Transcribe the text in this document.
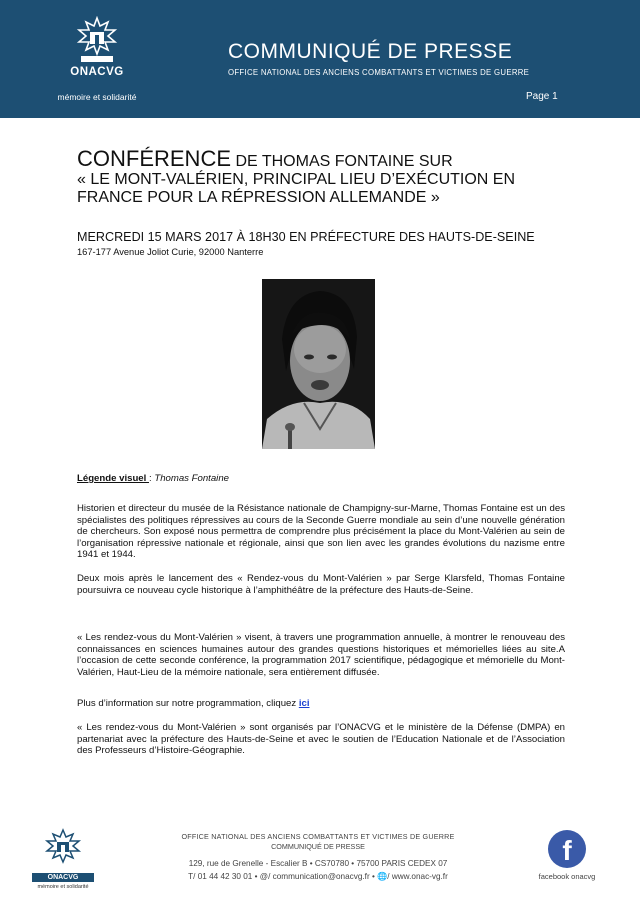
ONACVG
mémoire et solidarité
COMMUNIQUÉ DE PRESSE
OFFICE NATIONAL DES ANCIENS COMBATTANTS ET VICTIMES DE GUERRE
Page 1
CONFÉRENCE DE THOMAS FONTAINE SUR
« LE MONT-VALÉRIEN, PRINCIPAL LIEU D’EXÉCUTION EN
FRANCE POUR LA RÉPRESSION ALLEMANDE »
MERCREDI 15 MARS 2017 À 18H30 EN PRÉFECTURE DES HAUTS-DE-SEINE
167-177 Avenue Joliot Curie, 92000 Nanterre
Légende visuel : Thomas Fontaine

Historien et directeur du musée de la Résistance nationale de Champigny-sur-Marne, Thomas Fontaine est un des spécialistes des politiques répressives au cours de la Seconde Guerre mondiale au sein d’une nouvelle génération de chercheurs. Son exposé nous permettra de comprendre plus précisément la place du Mont-Valérien au sein de l’organisation répressive nationale et régionale, ainsi que son lien avec les grandes évolutions du nazisme entre 1941 et 1944.

Deux mois après le lancement des « Rendez-vous du Mont-Valérien » par Serge Klarsfeld, Thomas Fontaine poursuivra ce nouveau cycle historique à l’amphithéâtre de la préfecture des Hauts-de-Seine.

« Les rendez-vous du Mont-Valérien » visent, à travers une programmation annuelle, à montrer le renouveau des connaissances en sciences humaines autour des grandes questions historiques et mémorielles liées au site.A l’occasion de cette seconde conférence, la programmation 2017 scientifique, pédagogique et mémorielle du Mont-Valérien, Haut-Lieu de la mémoire nationale, sera entièrement diffusée.

Plus d’information sur notre programmation, cliquez ici

« Les rendez-vous du Mont-Valérien » sont organisés par l’ONACVG et le ministère de la Défense (DMPA) en partenariat avec la préfecture des Hauts-de-Seine et avec le soutien de l’Education Nationale et de l’Association des Professeurs d’Histoire-Géographie.

ONACVG
mémoire et solidarité
OFFICE NATIONAL DES ANCIENS COMBATTANTS ET VICTIMES DE GUERRE
COMMUNIQUÉ DE PRESSE
129, rue de Grenelle - Escalier B • CS70780 • 75700 PARIS CEDEX 07
T/ 01 44 42 30 01 • @/ communication@onacvg.fr • 🌐/ www.onac-vg.fr
f
facebook onacvg
